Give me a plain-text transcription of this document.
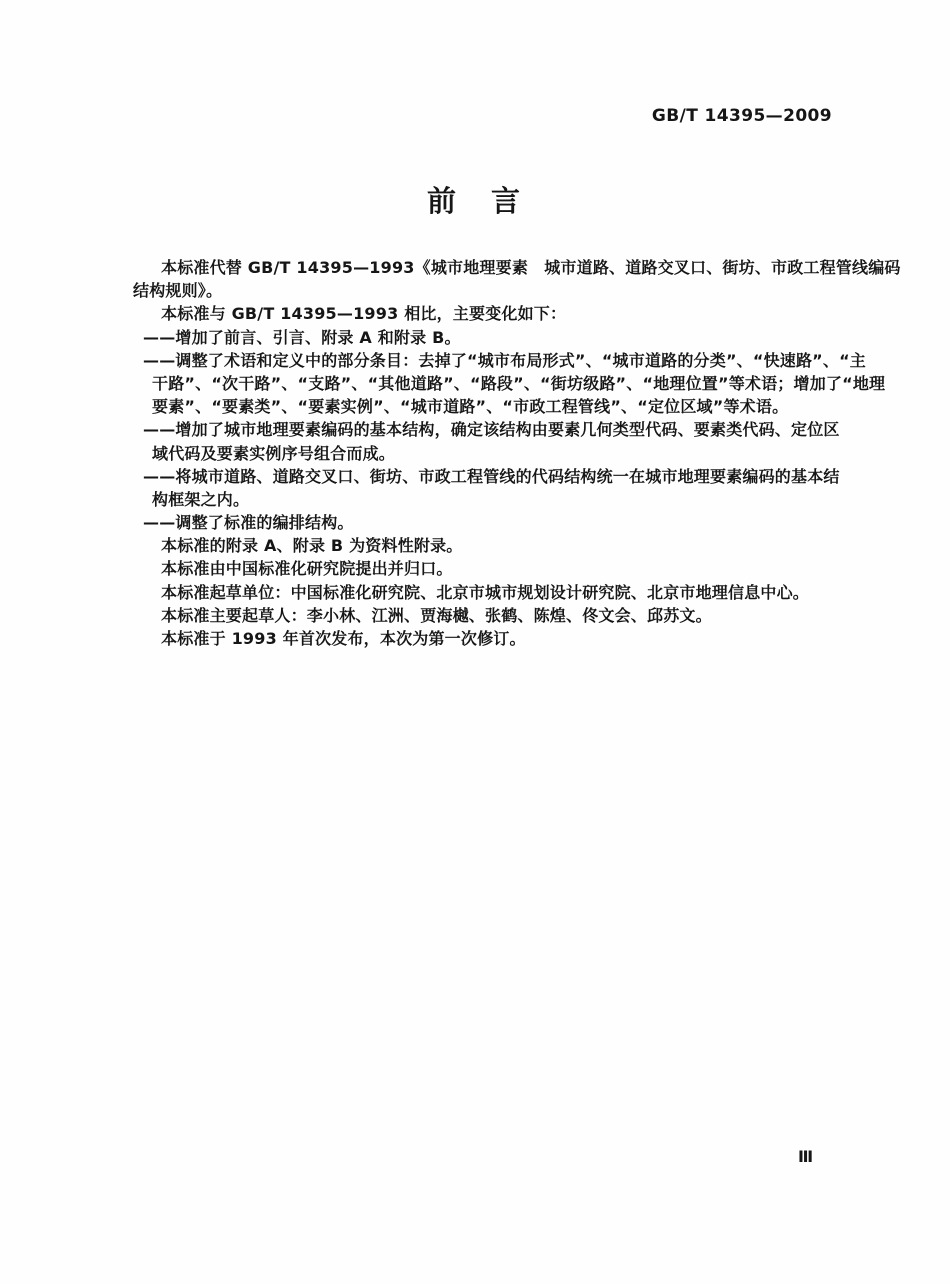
GB/T 14395—2009
前　言
本标准代替 GB/T 14395—1993《城市地理要素　城市道路、道路交叉口、街坊、市政工程管线编码
结构规则》。
本标准与 GB/T 14395—1993 相比，主要变化如下：
——增加了前言、引言、附录 A 和附录 B。
——调整了术语和定义中的部分条目：去掉了“城市布局形式”、“城市道路的分类”、“快速路”、“主
干路”、“次干路”、“支路”、“其他道路”、“路段”、“街坊级路”、“地理位置”等术语；增加了“地理
要素”、“要素类”、“要素实例”、“城市道路”、“市政工程管线”、“定位区域”等术语。
——增加了城市地理要素编码的基本结构，确定该结构由要素几何类型代码、要素类代码、定位区
域代码及要素实例序号组合而成。
——将城市道路、道路交叉口、街坊、市政工程管线的代码结构统一在城市地理要素编码的基本结
构框架之内。
——调整了标准的编排结构。
本标准的附录 A、附录 B 为资料性附录。
本标准由中国标准化研究院提出并归口。
本标准起草单位：中国标准化研究院、北京市城市规划设计研究院、北京市地理信息中心。
本标准主要起草人：李小林、江洲、贾海樾、张鹤、陈煌、佟文会、邱苏文。
本标准于 1993 年首次发布，本次为第一次修订。
Ⅲ
